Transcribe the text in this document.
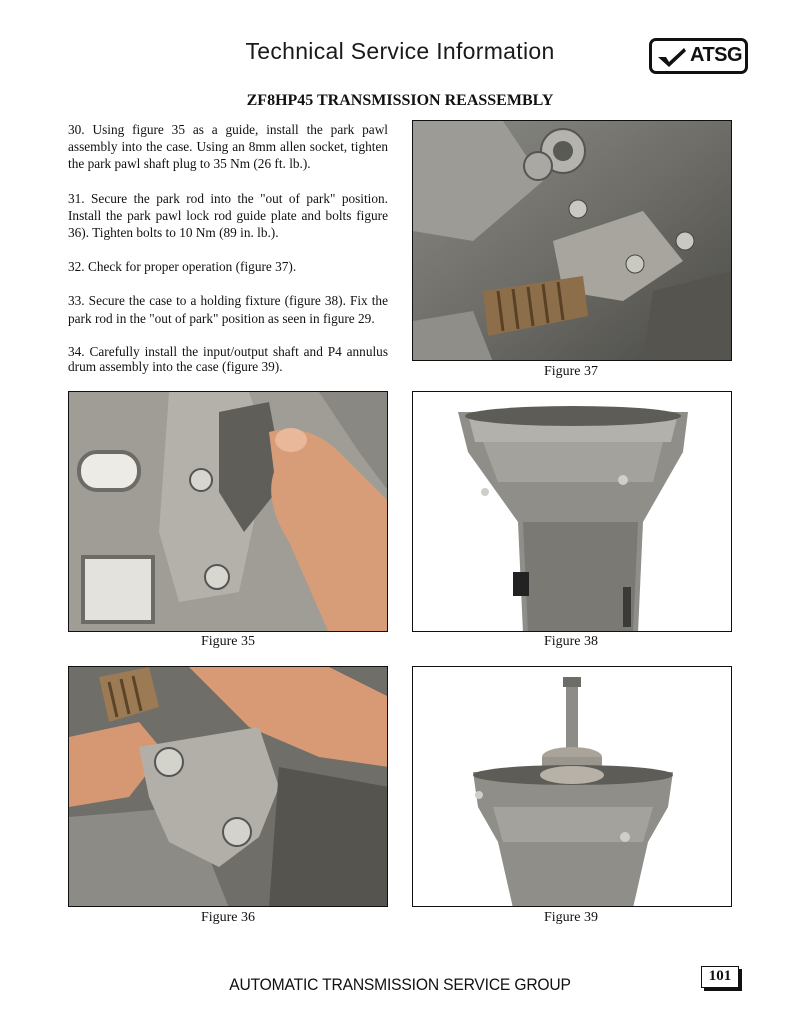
Technical Service Information	ATSG
ZF8HP45 TRANSMISSION REASSEMBLY

30. Using figure 35 as a guide, install the park pawl assembly into the case. Using an 8mm allen socket, tighten the park pawl shaft plug to 35 Nm (26 ft. lb.).

31. Secure the park rod into the "out of park" position. Install the park pawl lock rod guide plate and bolts figure 36). Tighten bolts to 10 Nm (89 in. lb.).

32. Check for proper operation (figure 37).

33. Secure the case to a holding fixture (figure 38). Fix the park rod in the "out of park" position as seen in figure 29.

34. Carefully install the input/output shaft and P4 annulus drum assembly into the case (figure 39).	Figure 37
Figure 35	Figure 38
Figure 36	Figure 39
AUTOMATIC TRANSMISSION SERVICE GROUP	101
